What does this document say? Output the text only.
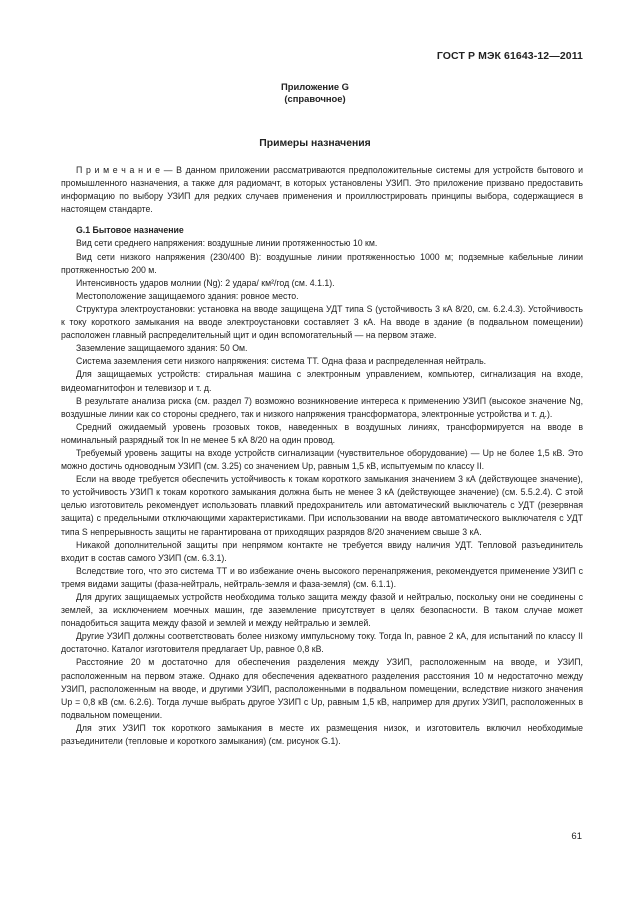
ГОСТ Р МЭК 61643-12—2011
Приложение G
(справочное)
Примеры назначения

П р и м е ч а н и е — В данном приложении рассматриваются предположительные системы для устройств бытового и промышленного назначения, а также для радиомачт, в которых установлены УЗИП. Это приложение призвано предоставить информацию по выбору УЗИП для редких случаев применения и проиллюстрировать принципы выбора, содержащиеся в настоящем стандарте.

G.1 Бытовое назначение

Вид сети среднего напряжения: воздушные линии протяженностью 10 км.

Вид сети низкого напряжения (230/400 В): воздушные линии протяженностью 1000 м; подземные кабельные линии протяженностью 200 м.

Интенсивность ударов молнии (Ng): 2 удара/ км²/год (см. 4.1.1).

Местоположение защищаемого здания: ровное место.

Структура электроустановки: установка на вводе защищена УДТ типа S (устойчивость 3 кА 8/20, см. 6.2.4.3). Устойчивость к току короткого замыкания на вводе электроустановки составляет 3 кА. На вводе в здание (в подвальном помещении) расположен главный распределительный щит и один вспомогательный — на первом этаже.

Заземление защищаемого здания: 50 Ом.

Система заземления сети низкого напряжения: система ТТ. Одна фаза и распределенная нейтраль.

Для защищаемых устройств: стиральная машина с электронным управлением, компьютер, сигнализация на входе, видеомагнитофон и телевизор и т. д.

В результате анализа риска (см. раздел 7) возможно возникновение интереса к применению УЗИП (высокое значение Ng, воздушные линии как со стороны среднего, так и низкого напряжения трансформатора, электронные устройства и т. д.).

Средний ожидаемый уровень грозовых токов, наведенных в воздушных линиях, трансформируется на вводе в номинальный разрядный ток In не менее 5 кА 8/20 на один провод.

Требуемый уровень защиты на входе устройств сигнализации (чувствительное оборудование) — Up не более 1,5 кВ. Это можно достичь одноводным УЗИП (см. 3.25) со значением Up, равным 1,5 кВ, испытуемым по классу II.

Если на вводе требуется обеспечить устойчивость к токам короткого замыкания значением 3 кА (действующее значение), то устойчивость УЗИП к токам короткого замыкания должна быть не менее 3 кА (действующее значение) (см. 5.5.2.4). С этой целью изготовитель рекомендует использовать плавкий предохранитель или автоматический выключатель с УДТ (резервная защита) с предельными отключающими характеристиками. При использовании на вводе автоматического выключателя с УДТ типа S непрерывность защиты не гарантирована от приходящих разрядов 8/20 значением свыше 3 кА.

Никакой дополнительной защиты при непрямом контакте не требуется ввиду наличия УДТ. Тепловой разъединитель входит в состав самого УЗИП (см. 6.3.1).

Вследствие того, что это система ТТ и во избежание очень высокого перенапряжения, рекомендуется применение УЗИП с тремя видами защиты (фаза-нейтраль, нейтраль-земля и фаза-земля) (см. 6.1.1).

Для других защищаемых устройств необходима только защита между фазой и нейтралью, поскольку они не соединены с землей, за исключением моечных машин, где заземление присутствует в целях безопасности. В таком случае может понадобиться защита между фазой и землей и между нейтралью и землей.

Другие УЗИП должны соответствовать более низкому импульсному току. Тогда In, равное 2 кА, для испытаний по классу II достаточно. Каталог изготовителя предлагает Up, равное 0,8 кВ.

Расстояние 20 м достаточно для обеспечения разделения между УЗИП, расположенным на вводе, и УЗИП, расположенным на первом этаже. Однако для обеспечения адекватного разделения расстояния 10 м недостаточно между УЗИП, расположенным на вводе, и другими УЗИП, расположенными в подвальном помещении, вследствие низкого значения Up = 0,8 кВ (см. 6.2.6). Тогда лучше выбрать другое УЗИП с Up, равным 1,5 кВ, например для других УЗИП, расположенных в подвальном помещении.

Для этих УЗИП ток короткого замыкания в месте их размещения низок, и изготовитель включил необходимые разъединители (тепловые и короткого замыкания) (см. рисунок G.1).

61
